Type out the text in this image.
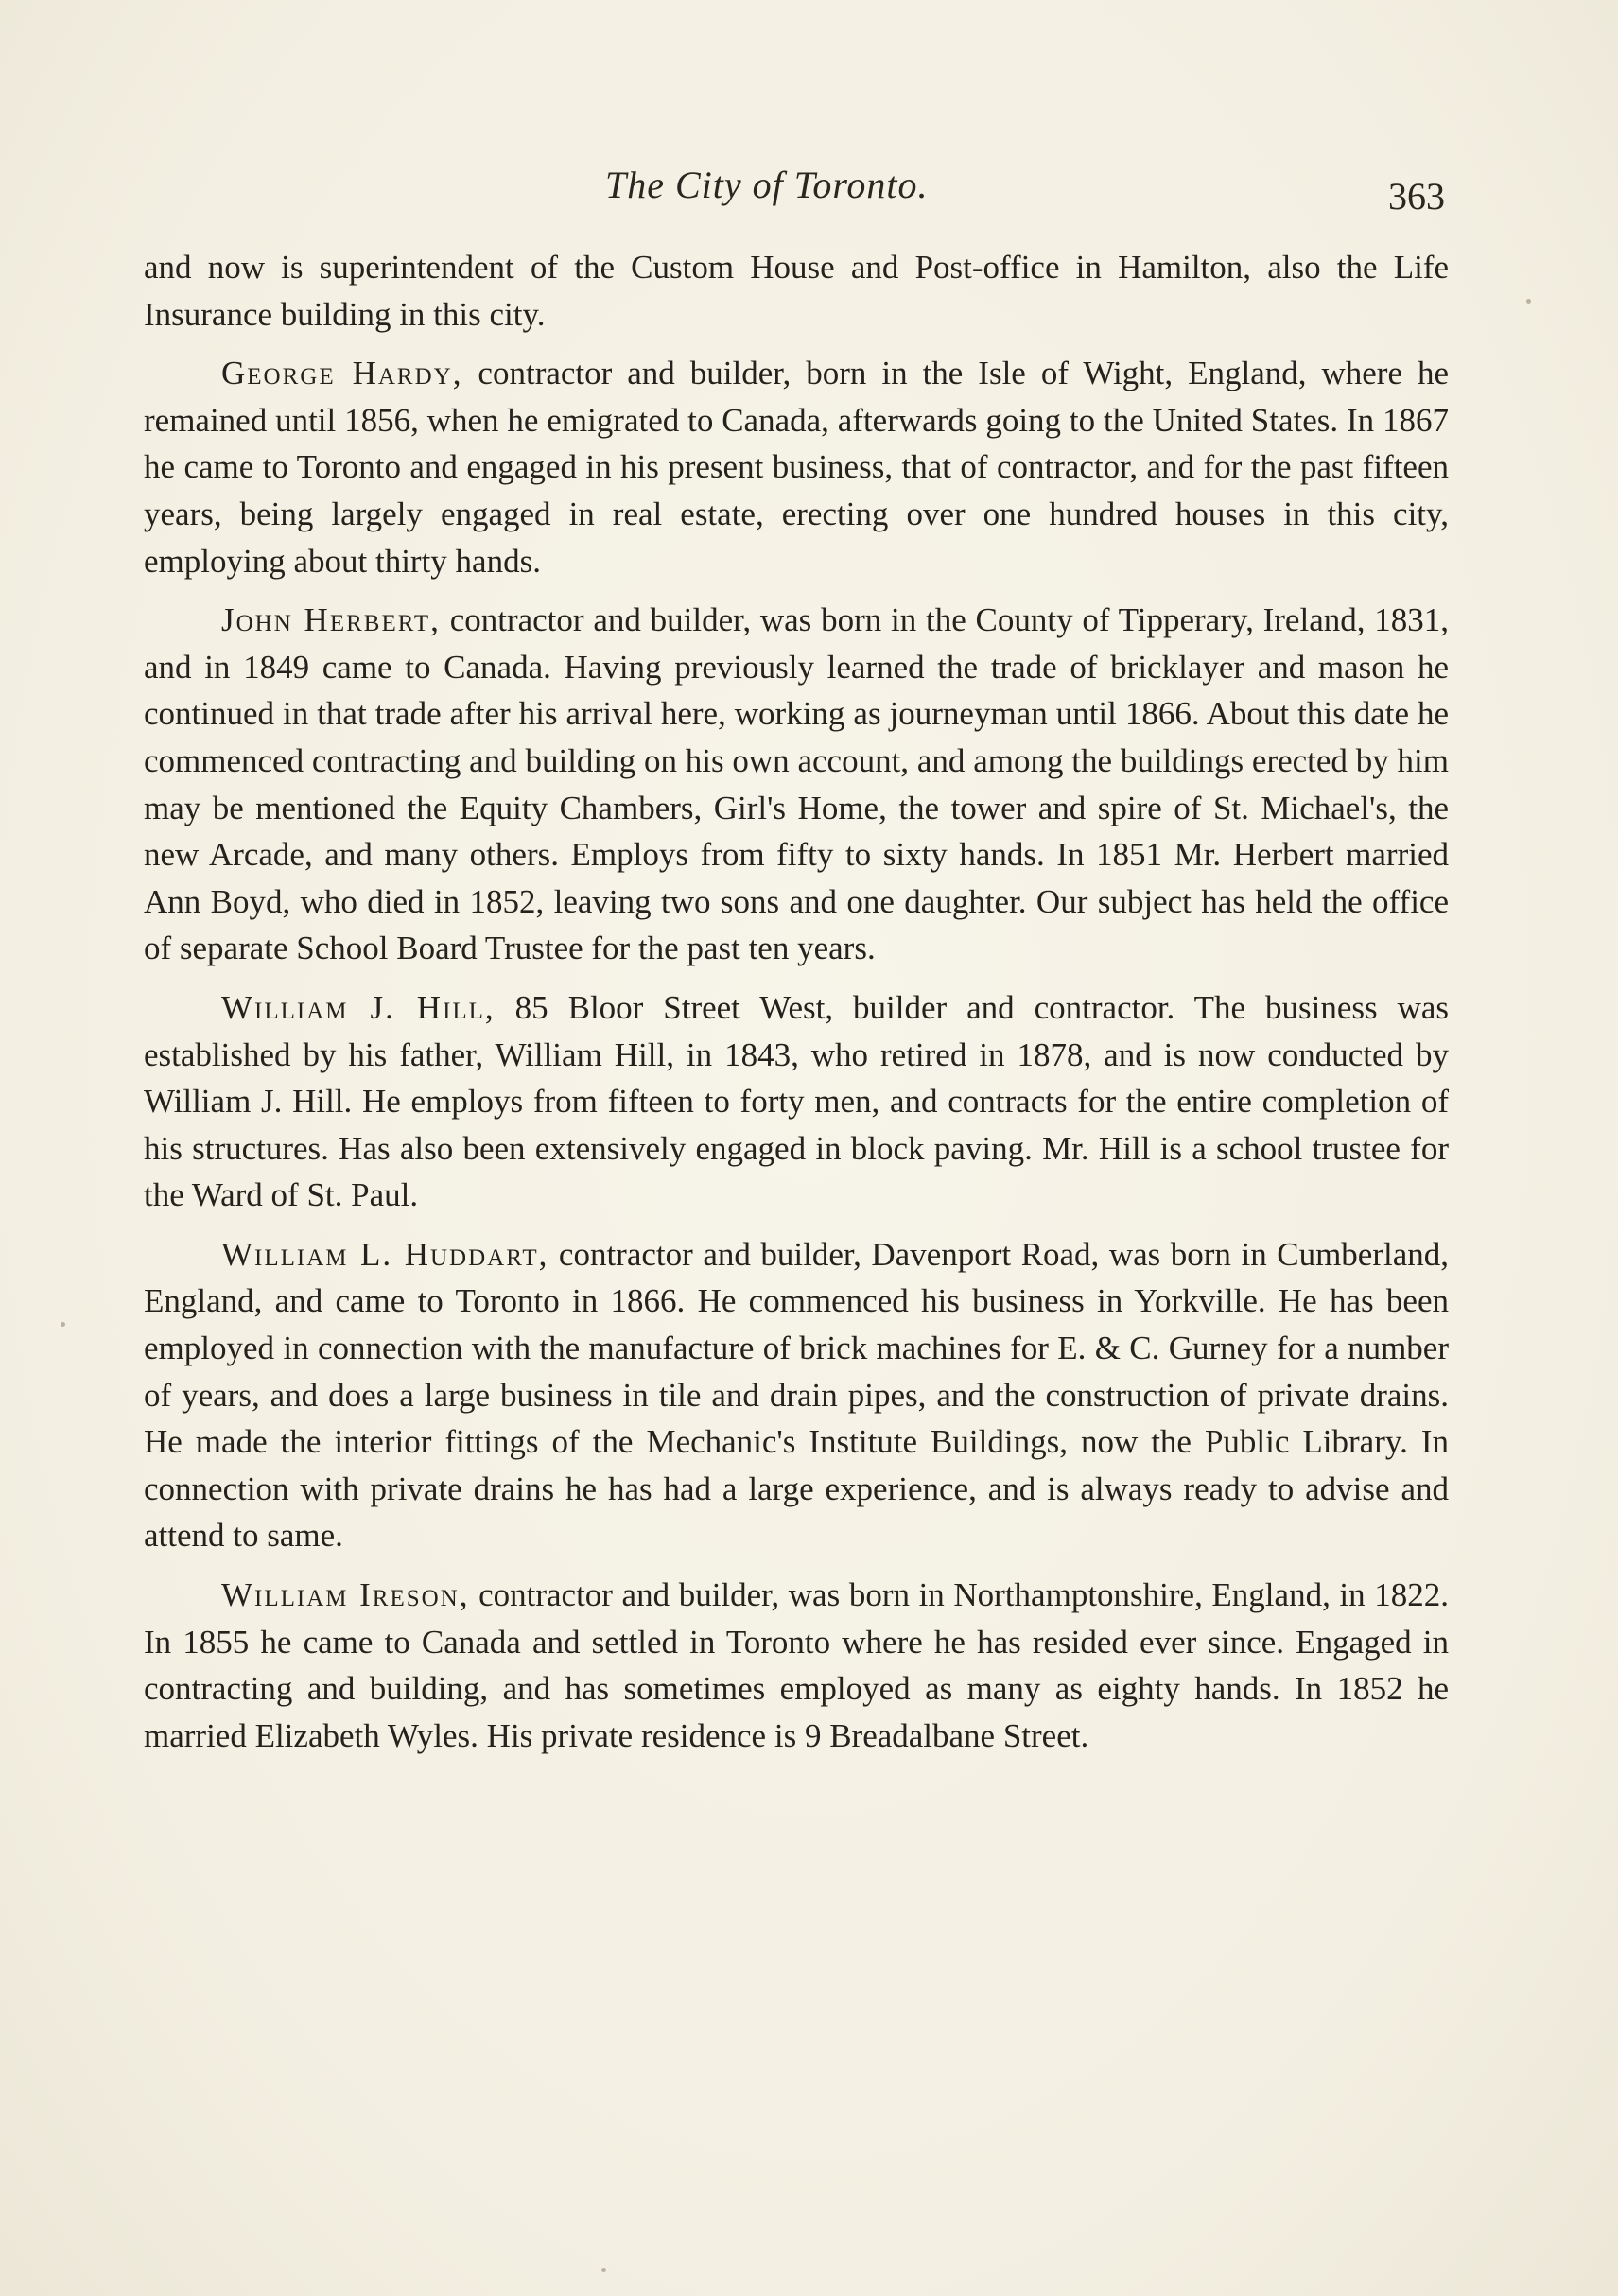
The City of Toronto.	363

and now is superintendent of the Custom House and Post-office in Hamilton, also the Life Insurance building in this city.

George Hardy, contractor and builder, born in the Isle of Wight, England, where he remained until 1856, when he emigrated to Canada, afterwards going to the United States. In 1867 he came to Toronto and engaged in his present business, that of contractor, and for the past fifteen years, being largely engaged in real estate, erecting over one hundred houses in this city, employing about thirty hands.

John Herbert, contractor and builder, was born in the County of Tipperary, Ireland, 1831, and in 1849 came to Canada. Having previously learned the trade of bricklayer and mason he continued in that trade after his arrival here, working as journeyman until 1866. About this date he commenced contracting and building on his own account, and among the buildings erected by him may be mentioned the Equity Chambers, Girl's Home, the tower and spire of St. Michael's, the new Arcade, and many others. Employs from fifty to sixty hands. In 1851 Mr. Herbert married Ann Boyd, who died in 1852, leaving two sons and one daughter. Our subject has held the office of separate School Board Trustee for the past ten years.

William J. Hill, 85 Bloor Street West, builder and contractor. The business was established by his father, William Hill, in 1843, who retired in 1878, and is now conducted by William J. Hill. He employs from fifteen to forty men, and contracts for the entire completion of his structures. Has also been extensively engaged in block paving. Mr. Hill is a school trustee for the Ward of St. Paul.

William L. Huddart, contractor and builder, Davenport Road, was born in Cumberland, England, and came to Toronto in 1866. He commenced his business in Yorkville. He has been employed in connection with the manufacture of brick machines for E. & C. Gurney for a number of years, and does a large business in tile and drain pipes, and the construction of private drains. He made the interior fittings of the Mechanic's Institute Buildings, now the Public Library. In connection with private drains he has had a large experience, and is always ready to advise and attend to same.

William Ireson, contractor and builder, was born in Northamptonshire, England, in 1822. In 1855 he came to Canada and settled in Toronto where he has resided ever since. Engaged in contracting and building, and has sometimes employed as many as eighty hands. In 1852 he married Elizabeth Wyles. His private residence is 9 Breadalbane Street.
